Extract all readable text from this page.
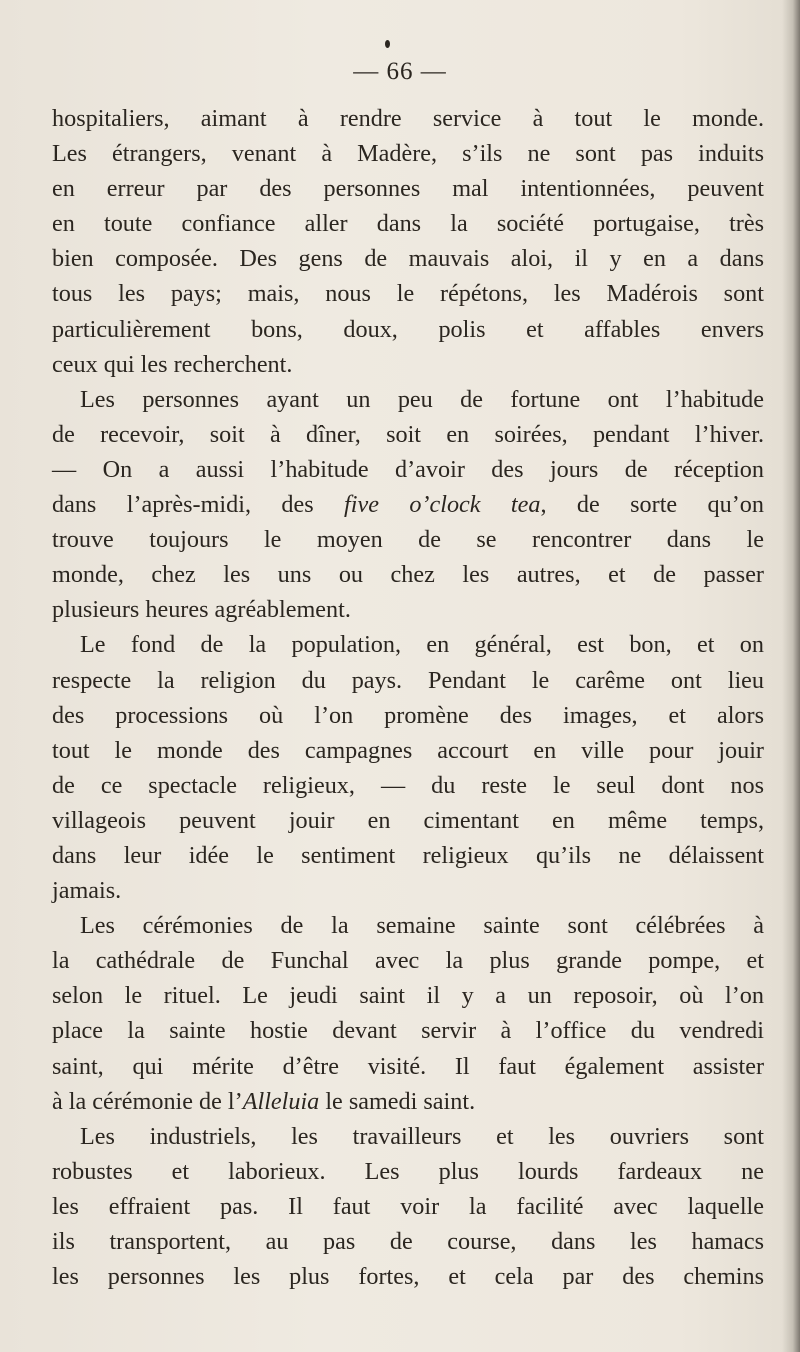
— 66 —
hospitaliers, aimant à rendre service à tout le monde.
Les étrangers, venant à Madère, s’ils ne sont pas induits
en erreur par des personnes mal intentionnées, peuvent
en toute confiance aller dans la société portugaise, très
bien composée. Des gens de mauvais aloi, il y en a dans
tous les pays; mais, nous le répétons, les Madérois sont
particulièrement bons, doux, polis et affables envers
ceux qui les recherchent.
Les personnes ayant un peu de fortune ont l’habitude
de recevoir, soit à dîner, soit en soirées, pendant l’hiver.
— On a aussi l’habitude d’avoir des jours de réception
dans l’après-midi, des five o’clock tea, de sorte qu’on
trouve toujours le moyen de se rencontrer dans le
monde, chez les uns ou chez les autres, et de passer
plusieurs heures agréablement.
Le fond de la population, en général, est bon, et on
respecte la religion du pays. Pendant le carême ont lieu
des processions où l’on promène des images, et alors
tout le monde des campagnes accourt en ville pour jouir
de ce spectacle religieux, — du reste le seul dont nos
villageois peuvent jouir en cimentant en même temps,
dans leur idée le sentiment religieux qu’ils ne délaissent
jamais.
Les cérémonies de la semaine sainte sont célébrées à
la cathédrale de Funchal avec la plus grande pompe, et
selon le rituel. Le jeudi saint il y a un reposoir, où l’on
place la sainte hostie devant servir à l’office du vendredi
saint, qui mérite d’être visité. Il faut également assister
à la cérémonie de l’Alleluia le samedi saint.
Les industriels, les travailleurs et les ouvriers sont
robustes et laborieux. Les plus lourds fardeaux ne
les effraient pas. Il faut voir la facilité avec laquelle
ils transportent, au pas de course, dans les hamacs
les personnes les plus fortes, et cela par des chemins
